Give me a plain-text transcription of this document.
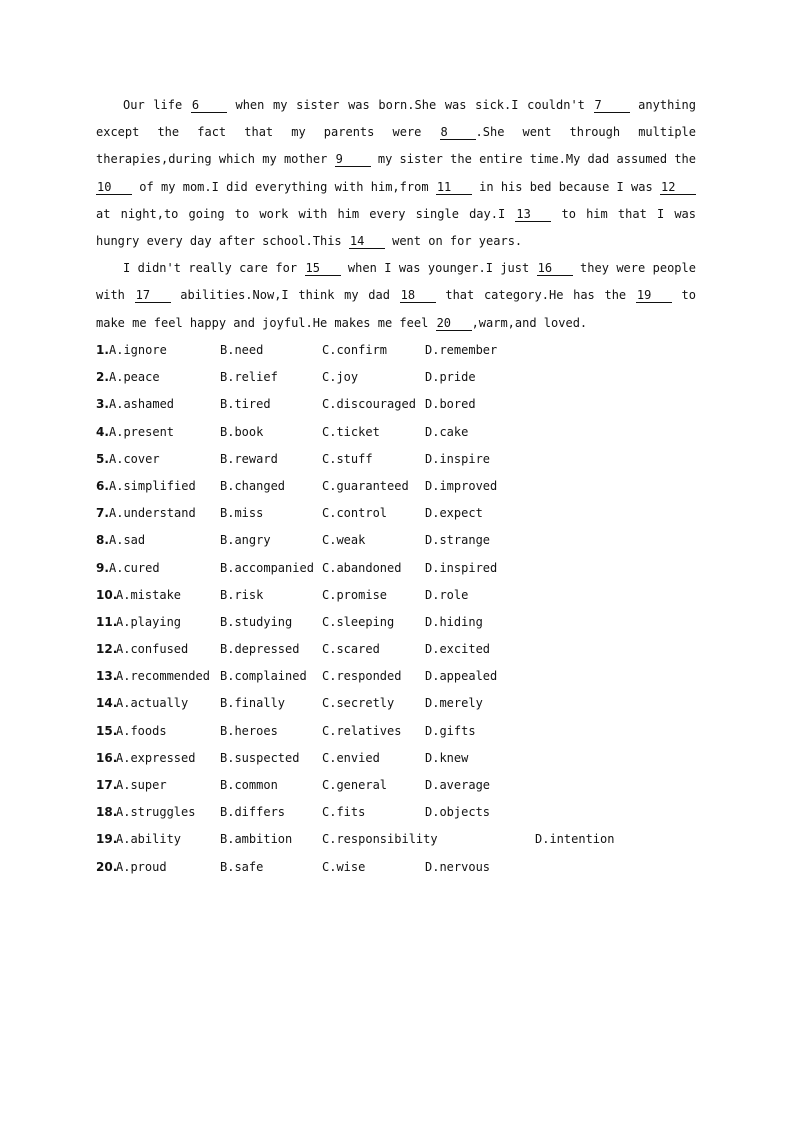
Our life 6 when my sister was born.She was sick.I couldn't 7 anything except the fact that my parents were 8 .She went through multiple therapies,during which my mother 9 my sister the entire time.My dad assumed the 10 of my mom.I did everything with him,from 11 in his bed because I was 12 at night,to going to work with him every single day.I 13 to him that I was hungry every day after school.This 14 went on for years.

I didn't really care for 15 when I was younger.I just 16 they were people with 17 abilities.Now,I think my dad 18 that category.He has the 19 to make me feel happy and joyful.He makes me feel 20 ,warm,and loved.

1. A.ignore	B.need	C.confirm	D.remember
2. A.peace	B.relief	C.joy	D.pride
3. A.ashamed	B.tired	C.discouraged D.bored
4. A.present	B.book	C.ticket	D.cake
5. A.cover	B.reward	C.stuff	D.inspire
6. A.simplified B.changed	C.guaranteed D.improved
7. A.understand B.miss	C.control	D.expect
8. A.sad	B.angry	C.weak	D.strange
9. A.cured	B.accompanied C.abandoned D.inspired
10.
A.mistake	B.risk	C.promise	D.role
11.
A.playing	B.studying C.sleeping	D.hiding
12.
A.confused	B.depressed C.scared	D.excited
13.
A.recommended B.complained C.responded D.appealed
14.
A.actually	B.finally	C.secretly	D.merely
15.
A.foods	B.heroes	C.relatives D.gifts
16.
A.expressed B.suspected C.envied	D.knew
17.
A.super	B.common	C.general	D.average
18.
A.struggles B.differs	C.fits	D.objects
19.
A.ability	B.ambition C.responsibility	D.intention
20.
A.proud	B.safe	C.wise	D.nervous
